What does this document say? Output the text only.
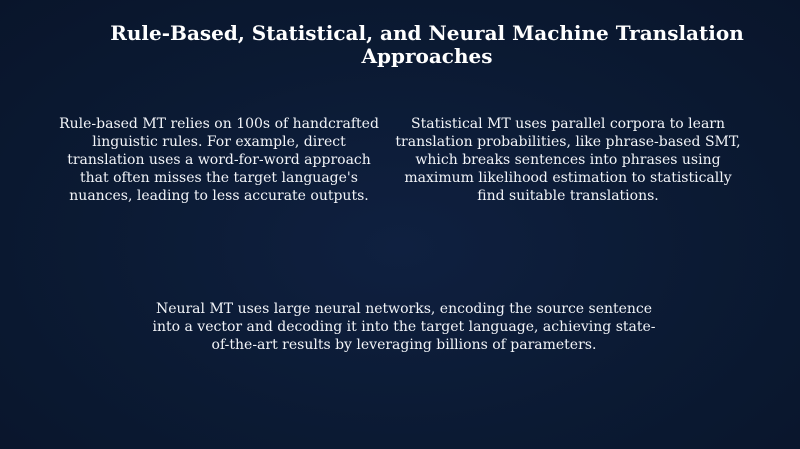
Rule-Based, Statistical, and Neural Machine Translation Approaches

Rule-based MT relies on 100s of handcrafted linguistic rules. For example, direct translation uses a word-for-word approach that often misses the target language's nuances, leading to less accurate outputs.

Statistical MT uses parallel corpora to learn translation probabilities, like phrase-based SMT, which breaks sentences into phrases using maximum likelihood estimation to statistically find suitable translations.

Neural MT uses large neural networks, encoding the source sentence into a vector and decoding it into the target language, achieving state-of-the-art results by leveraging billions of parameters.
